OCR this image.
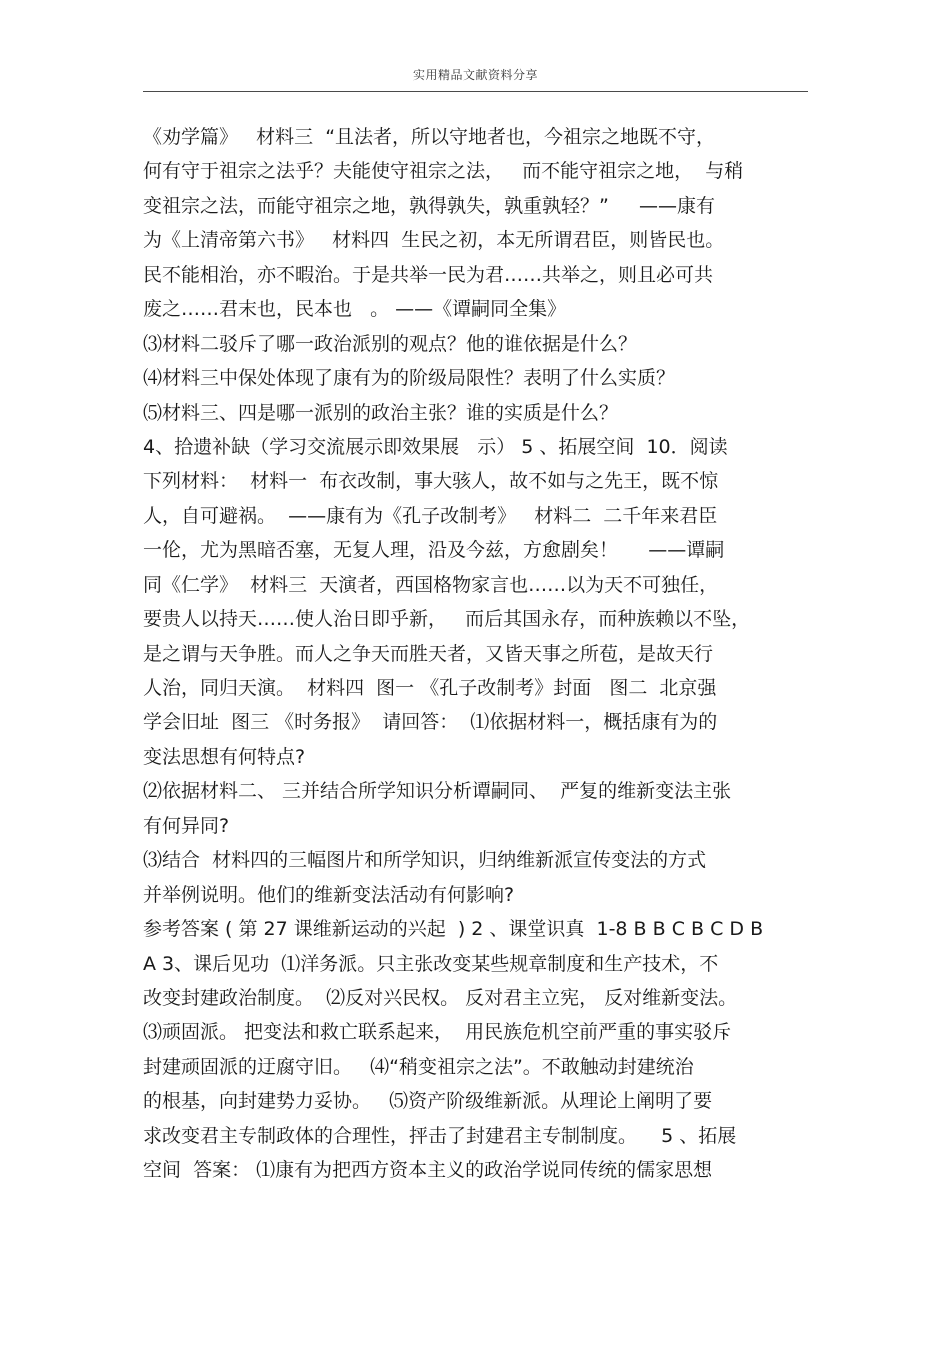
实用精品文献资料分享
《劝学篇》   材料三  “且法者，所以守地者也，今祖宗之地既不守，
何有守于祖宗之法乎？夫能使守祖宗之法，   而不能守祖宗之地，  与稍
变祖宗之法，而能守祖宗之地，孰得孰失，孰重孰轻？”     ——康有
为《上清帝第六书》   材料四  生民之初，本无所谓君臣，则皆民也。
民不能相治，亦不暇治。于是共举一民为君……共举之，则且必可共
废之……君末也，民本也   。 ——《谭嗣同全集》
⑶材料二驳斥了哪一政治派别的观点？他的谁依据是什么？
⑷材料三中保处体现了康有为的阶级局限性？表明了什么实质？
⑸材料三、四是哪一派别的政治主张？谁的实质是什么？
4、拾遗补缺（学习交流展示即效果展   示） 5 、拓展空间  10．阅读
下列材料：  材料一  布衣改制，事大骇人，故不如与之先王，既不惊
人，自可避祸。  ——康有为《孔子改制考》   材料二  二千年来君臣
一伦，尤为黑暗否塞，无复人理，沿及今兹，方愈剧矣！     ——谭嗣
同《仁学》  材料三  天演者，西国格物家言也……以为天不可独任，
要贵人以持天……使人治日即乎新，   而后其国永存，而种族赖以不坠，
是之谓与天争胜。而人之争天而胜天者，又皆天事之所苞，是故天行
人治，同归天演。  材料四  图一 《孔子改制考》封面   图二  北京强
学会旧址  图三 《时务报》  请回答：  ⑴依据材料一，概括康有为的
变法思想有何特点?
⑵依据材料二、 三并结合所学知识分析谭嗣同、  严复的维新变法主张
有何异同?
⑶结合  材料四的三幅图片和所学知识，归纳维新派宣传变法的方式
并举例说明。他们的维新变法活动有何影响?
参考答案 ( 第 27 课维新运动的兴起  ) 2 、课堂识真  1-8 B B C B C D B
A 3、课后见功  ⑴洋务派。只主张改变某些规章制度和生产技术，不
改变封建政治制度。  ⑵反对兴民权。 反对君主立宪， 反对维新变法。
⑶顽固派。 把变法和救亡联系起来，  用民族危机空前严重的事实驳斥
封建顽固派的迂腐守旧。   ⑷“稍变祖宗之法”。不敢触动封建统治
的根基，向封建势力妥协。   ⑸资产阶级维新派。从理论上阐明了要
求改变君主专制政体的合理性，抨击了封建君主专制制度。    5 、拓展
空间  答案： ⑴康有为把西方资本主义的政治学说同传统的儒家思想
